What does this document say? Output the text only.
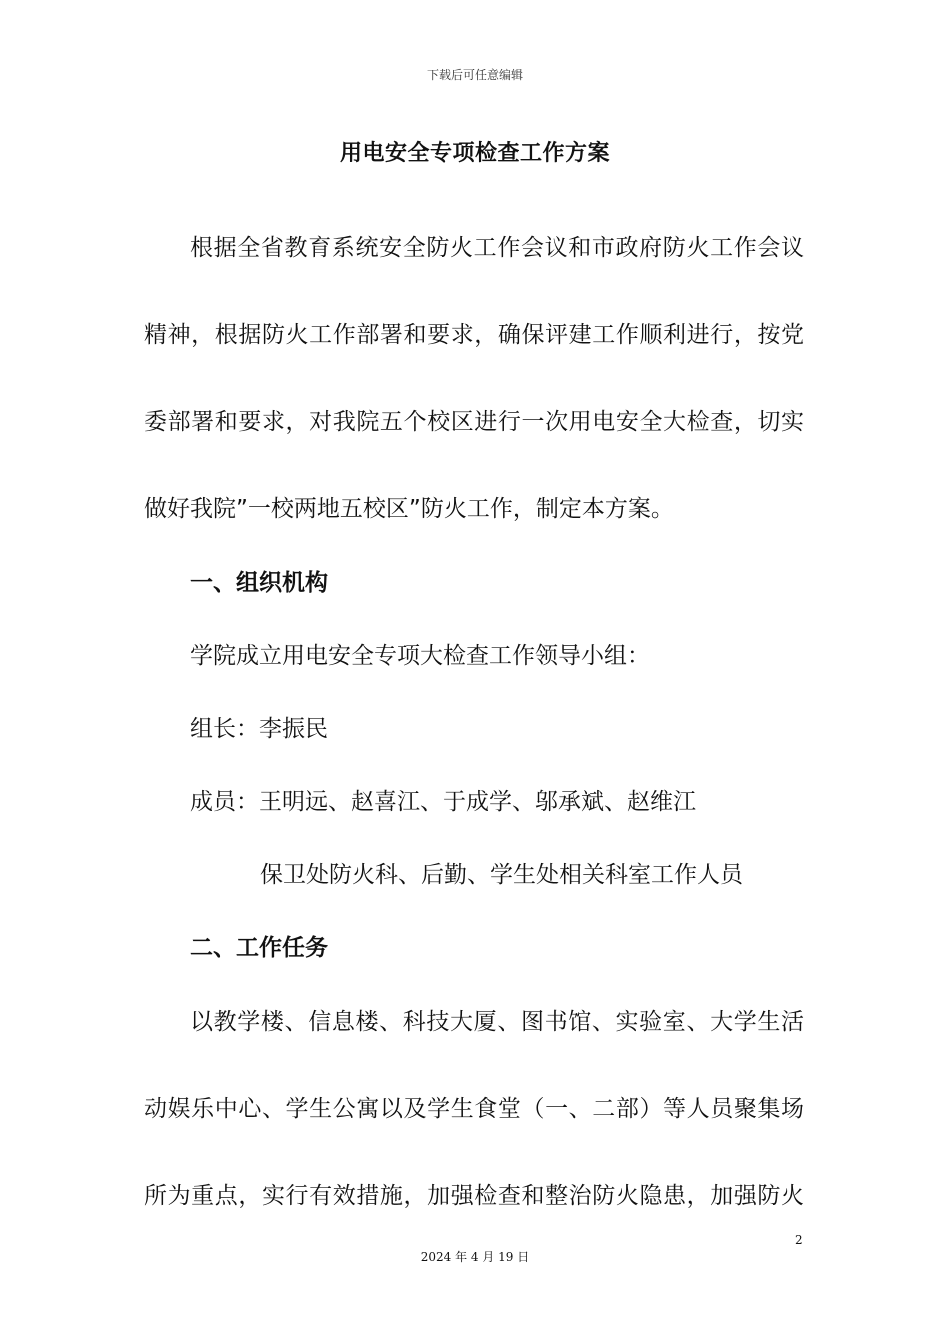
下载后可任意编辑
用电安全专项检查工作方案
根据全省教育系统安全防火工作会议和市政府防火工作会议
精神，根据防火工作部署和要求，确保评建工作顺利进行，按党
委部署和要求，对我院五个校区进行一次用电安全大检查，切实
做好我院”一校两地五校区”防火工作，制定本方案。
一、组织机构
学院成立用电安全专项大检查工作领导小组：
组长：李振民
成员：王明远、赵喜江、于成学、邬承斌、赵维江
保卫处防火科、后勤、学生处相关科室工作人员
二、工作任务
以教学楼、信息楼、科技大厦、图书馆、实验室、大学生活
动娱乐中心、学生公寓以及学生食堂（一、二部）等人员聚集场
所为重点，实行有效措施，加强检查和整治防火隐患，加强防火
2
2024 年 4 月 19 日
